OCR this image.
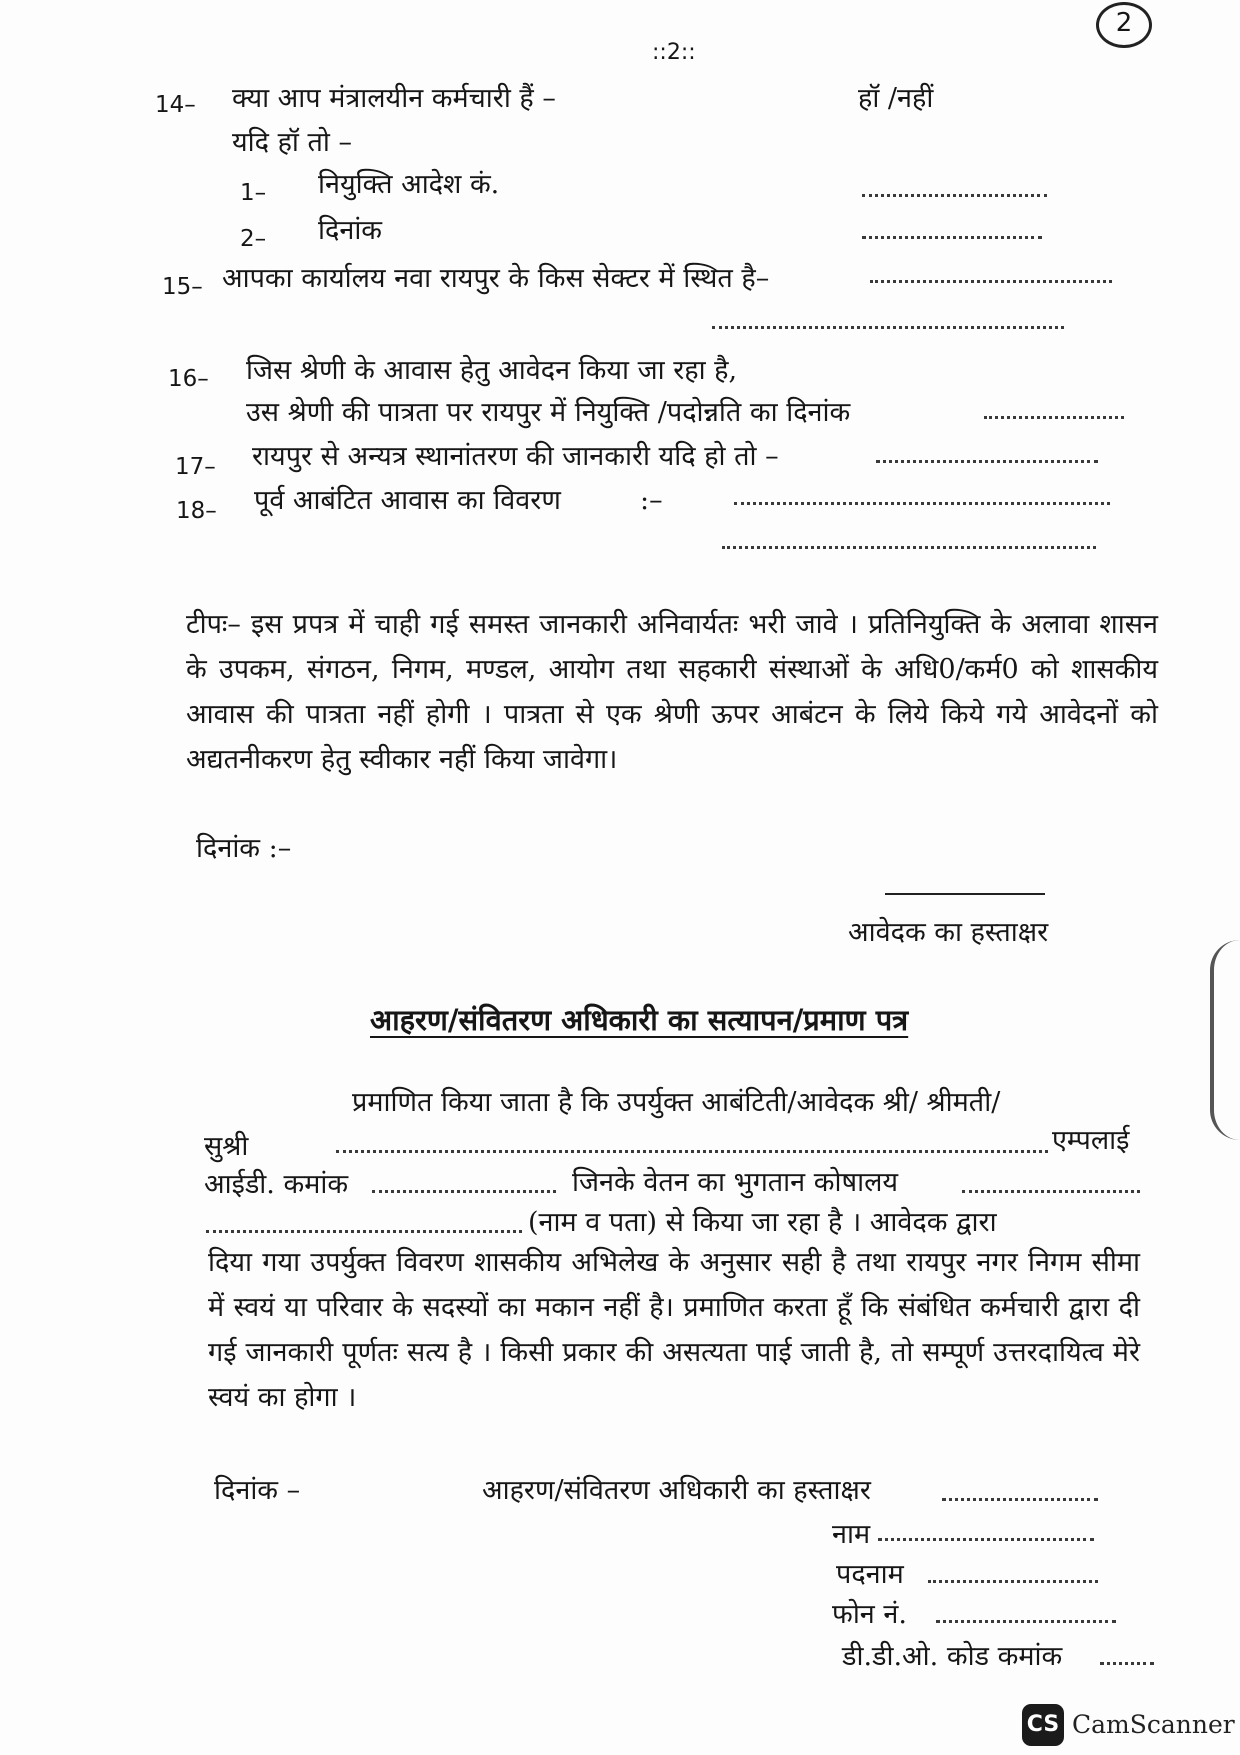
2
::2::
14– क्या आप मंत्रालयीन कर्मचारी हैं –	हॉ /नहीं
यदि हॉ तो –
1– नियुक्ति आदेश कं.
2– दिनांक
15– आपका कार्यालय नवा रायपुर के किस सेक्टर में स्थित है–
16– जिस श्रेणी के आवास हेतु आवेदन किया जा रहा है,
उस श्रेणी की पात्रता पर रायपुर में नियुक्ति /पदोन्नति का दिनांक
17– रायपुर से अन्यत्र स्थानांतरण की जानकारी यदि हो तो –
18– पूर्व आबंटित आवास का विवरण	:–
टीपः– इस प्रपत्र में चाही गई समस्त जानकारी अनिवार्यतः भरी जावे । प्रतिनियुक्ति के अलावा शासन के उपकम, संगठन, निगम, मण्डल, आयोग तथा सहकारी संस्थाओं के अधि0/कर्म0 को शासकीय आवास की पात्रता नहीं होगी । पात्रता से एक श्रेणी ऊपर आबंटन के लिये किये गये आवेदनों को अद्यतनीकरण हेतु स्वीकार नहीं किया जावेगा।
दिनांक :–
आवेदक का हस्ताक्षर
आहरण/संवितरण अधिकारी का सत्यापन/प्रमाण पत्र
प्रमाणित किया जाता है कि उपर्युक्त आबंटिती/आवेदक श्री/ श्रीमती/
सुश्री	एम्पलाई
आईडी. कमांक	जिनके वेतन का भुगतान कोषालय
(नाम व पता) से किया जा रहा है । आवेदक द्वारा
दिया गया उपर्युक्त विवरण शासकीय अभिलेख के अनुसार सही है तथा रायपुर नगर निगम सीमा में स्वयं या परिवार के सदस्यों का मकान नहीं है। प्रमाणित करता हूँ कि संबंधित कर्मचारी द्वारा दी गई जानकारी पूर्णतः सत्य है । किसी प्रकार की असत्यता पाई जाती है, तो सम्पूर्ण उत्तरदायित्व मेरे स्वयं का होगा ।
दिनांक –	आहरण/संवितरण अधिकारी का हस्ताक्षर
नाम
पदनाम
फोन नं.
डी.डी.ओ. कोड कमांक
CS CamScanner
